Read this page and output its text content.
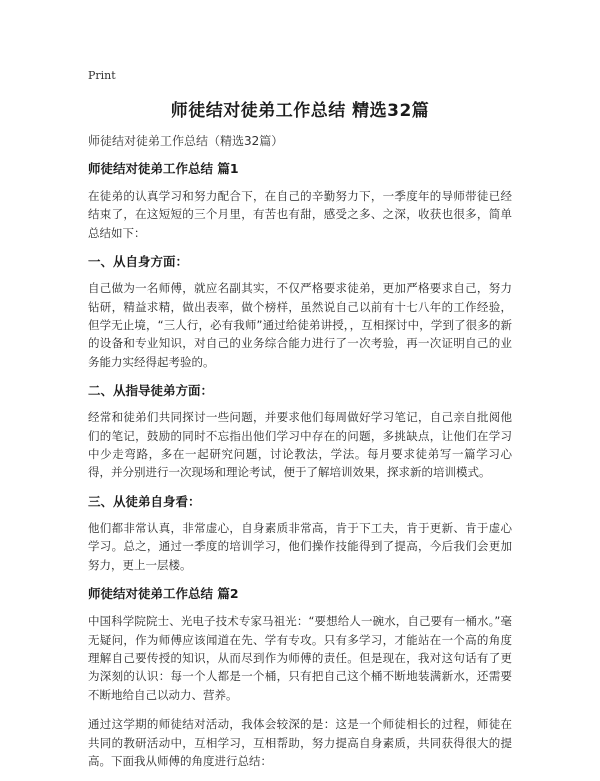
Print
师徒结对徒弟工作总结 精选32篇

师徒结对徒弟工作总结（精选32篇）

师徒结对徒弟工作总结 篇1

在徒弟的认真学习和努力配合下，在自己的辛勤努力下，一季度年的导师带徒已经结束了，在这短短的三个月里，有苦也有甜，感受之多、之深，收获也很多，简单总结如下：

一、从自身方面：

自己做为一名师傅，就应名副其实，不仅严格要求徒弟，更加严格要求自己，努力钻研，精益求精，做出表率，做个榜样，虽然说自己以前有十七八年的工作经验，但学无止境，“三人行，必有我师”通过给徒弟讲授，，互相探讨中，学到了很多的新的设备和专业知识，对自己的业务综合能力进行了一次考验，再一次证明自己的业务能力实经得起考验的。

二、从指导徒弟方面：

经常和徒弟们共同探讨一些问题，并要求他们每周做好学习笔记，自己亲自批阅他们的笔记，鼓励的同时不忘指出他们学习中存在的问题，多挑缺点，让他们在学习中少走弯路，多在一起研究问题，讨论教法，学法。每月要求徒弟写一篇学习心得，并分别进行一次现场和理论考试，便于了解培训效果，探求新的培训模式。

三、从徒弟自身看：

他们都非常认真，非常虚心，自身素质非常高，肯于下工夫，肯于更新、肯于虚心学习。总之，通过一季度的培训学习，他们操作技能得到了提高，今后我们会更加努力，更上一层楼。

师徒结对徒弟工作总结 篇2

中国科学院院士、光电子技术专家马祖光：“要想给人一碗水，自己要有一桶水。”毫无疑问，作为师傅应该闻道在先、学有专攻。只有多学习，才能站在一个高的角度理解自己要传授的知识，从而尽到作为师傅的责任。但是现在，我对这句话有了更为深刻的认识：每一个人都是一个桶，只有把自己这个桶不断地装满新水，还需要不断地给自己以动力、营养。

通过这学期的师徒结对活动，我体会较深的是：这是一个师徒相长的过程，师徒在共同的教研活动中，互相学习，互相帮助，努力提高自身素质，共同获得很大的提高。下面我从师傅的角度进行总结：
